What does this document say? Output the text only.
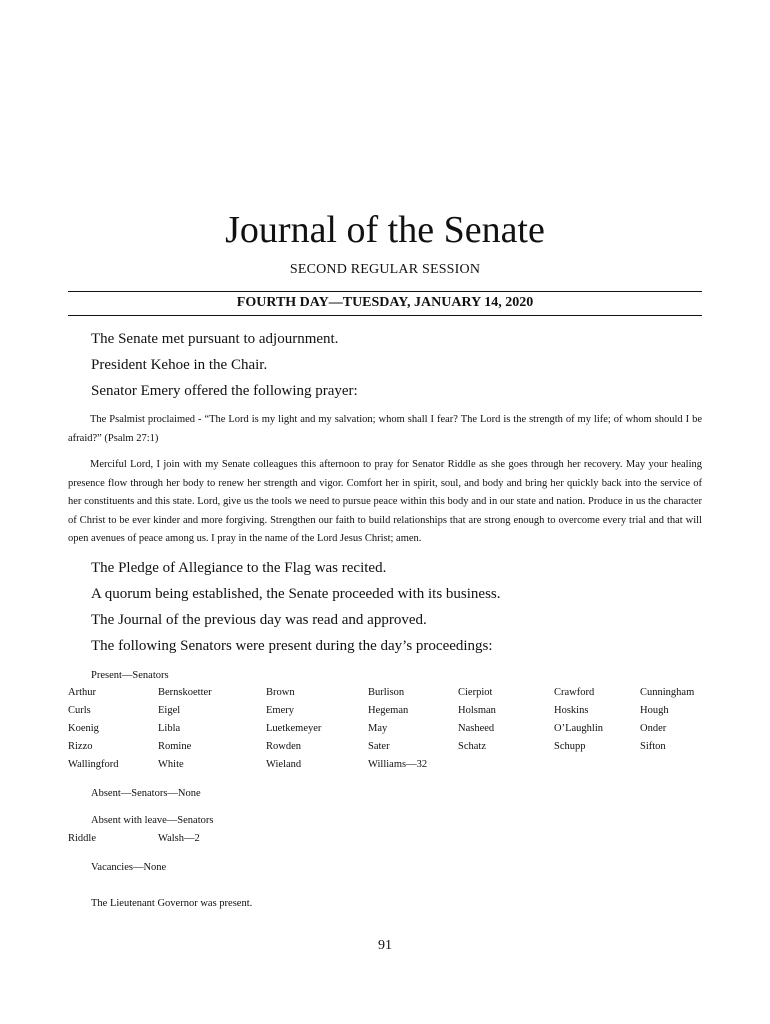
Journal of the Senate
SECOND REGULAR SESSION
FOURTH DAY—TUESDAY, JANUARY 14, 2020
The Senate met pursuant to adjournment.
President Kehoe in the Chair.
Senator Emery offered the following prayer:

The Psalmist proclaimed - “The Lord is my light and my salvation; whom shall I fear? The Lord is the strength of my life; of whom should I be afraid?” (Psalm 27:1)

Merciful Lord, I join with my Senate colleagues this afternoon to pray for Senator Riddle as she goes through her recovery. May your healing presence flow through her body to renew her strength and vigor. Comfort her in spirit, soul, and body and bring her quickly back into the service of her constituents and this state. Lord, give us the tools we need to pursue peace within this body and in our state and nation. Produce in us the character of Christ to be ever kinder and more forgiving. Strengthen our faith to build relationships that are strong enough to overcome every trial and that will open avenues of peace among us. I pray in the name of the Lord Jesus Christ; amen.

The Pledge of Allegiance to the Flag was recited.
A quorum being established, the Senate proceeded with its business.
The Journal of the previous day was read and approved.
The following Senators were present during the day’s proceedings:
Present—Senators
Arthur	Bernskoetter	Brown	Burlison	Cierpiot	Crawford	Cunningham
Curls	Eigel	Emery	Hegeman	Holsman	Hoskins	Hough
Koenig	Libla	Luetkemeyer	May	Nasheed	O’Laughlin	Onder
Rizzo	Romine	Rowden	Sater	Schatz	Schupp	Sifton
Wallingford	White	Wieland	Williams—32
Absent—Senators—None
Absent with leave—Senators
Riddle	Walsh—2
Vacancies—None
The Lieutenant Governor was present.
91
